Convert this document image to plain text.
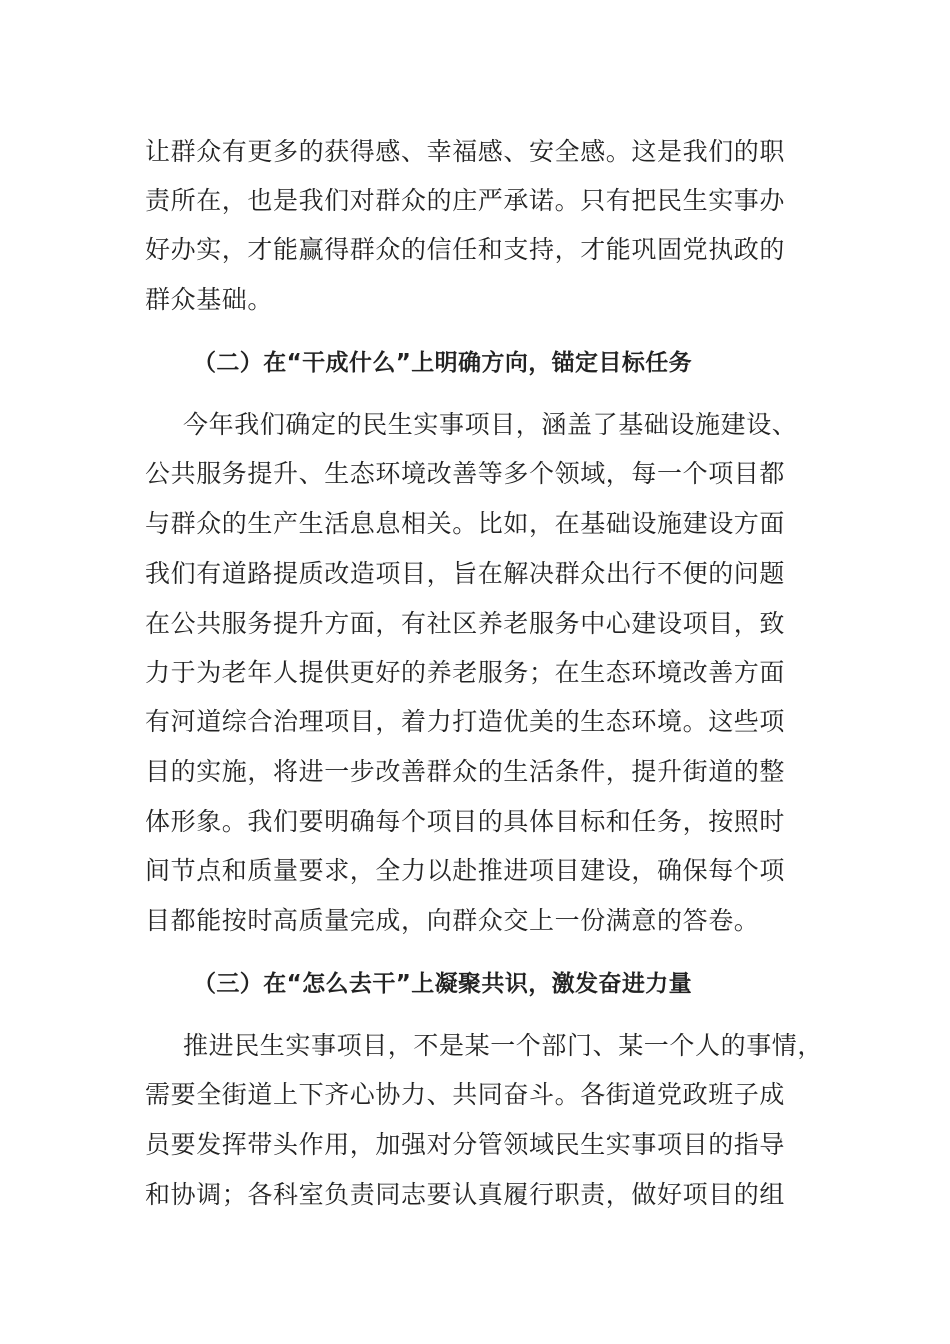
让群众有更多的获得感、幸福感、安全感。这是我们的职
责所在，也是我们对群众的庄严承诺。只有把民生实事办
好办实，才能赢得群众的信任和支持，才能巩固党执政的
群众基础。
（二）在“干成什么”上明确方向，锚定目标任务
今年我们确定的民生实事项目，涵盖了基础设施建设、
公共服务提升、生态环境改善等多个领域，每一个项目都
与群众的生产生活息息相关。比如，在基础设施建设方面
我们有道路提质改造项目，旨在解决群众出行不便的问题
在公共服务提升方面，有社区养老服务中心建设项目，致
力于为老年人提供更好的养老服务；在生态环境改善方面
有河道综合治理项目，着力打造优美的生态环境。这些项
目的实施，将进一步改善群众的生活条件，提升街道的整
体形象。我们要明确每个项目的具体目标和任务，按照时
间节点和质量要求，全力以赴推进项目建设，确保每个项
目都能按时高质量完成，向群众交上一份满意的答卷。
（三）在“怎么去干”上凝聚共识，激发奋进力量
推进民生实事项目，不是某一个部门、某一个人的事情，
需要全街道上下齐心协力、共同奋斗。各街道党政班子成
员要发挥带头作用，加强对分管领域民生实事项目的指导
和协调；各科室负责同志要认真履行职责，做好项目的组
